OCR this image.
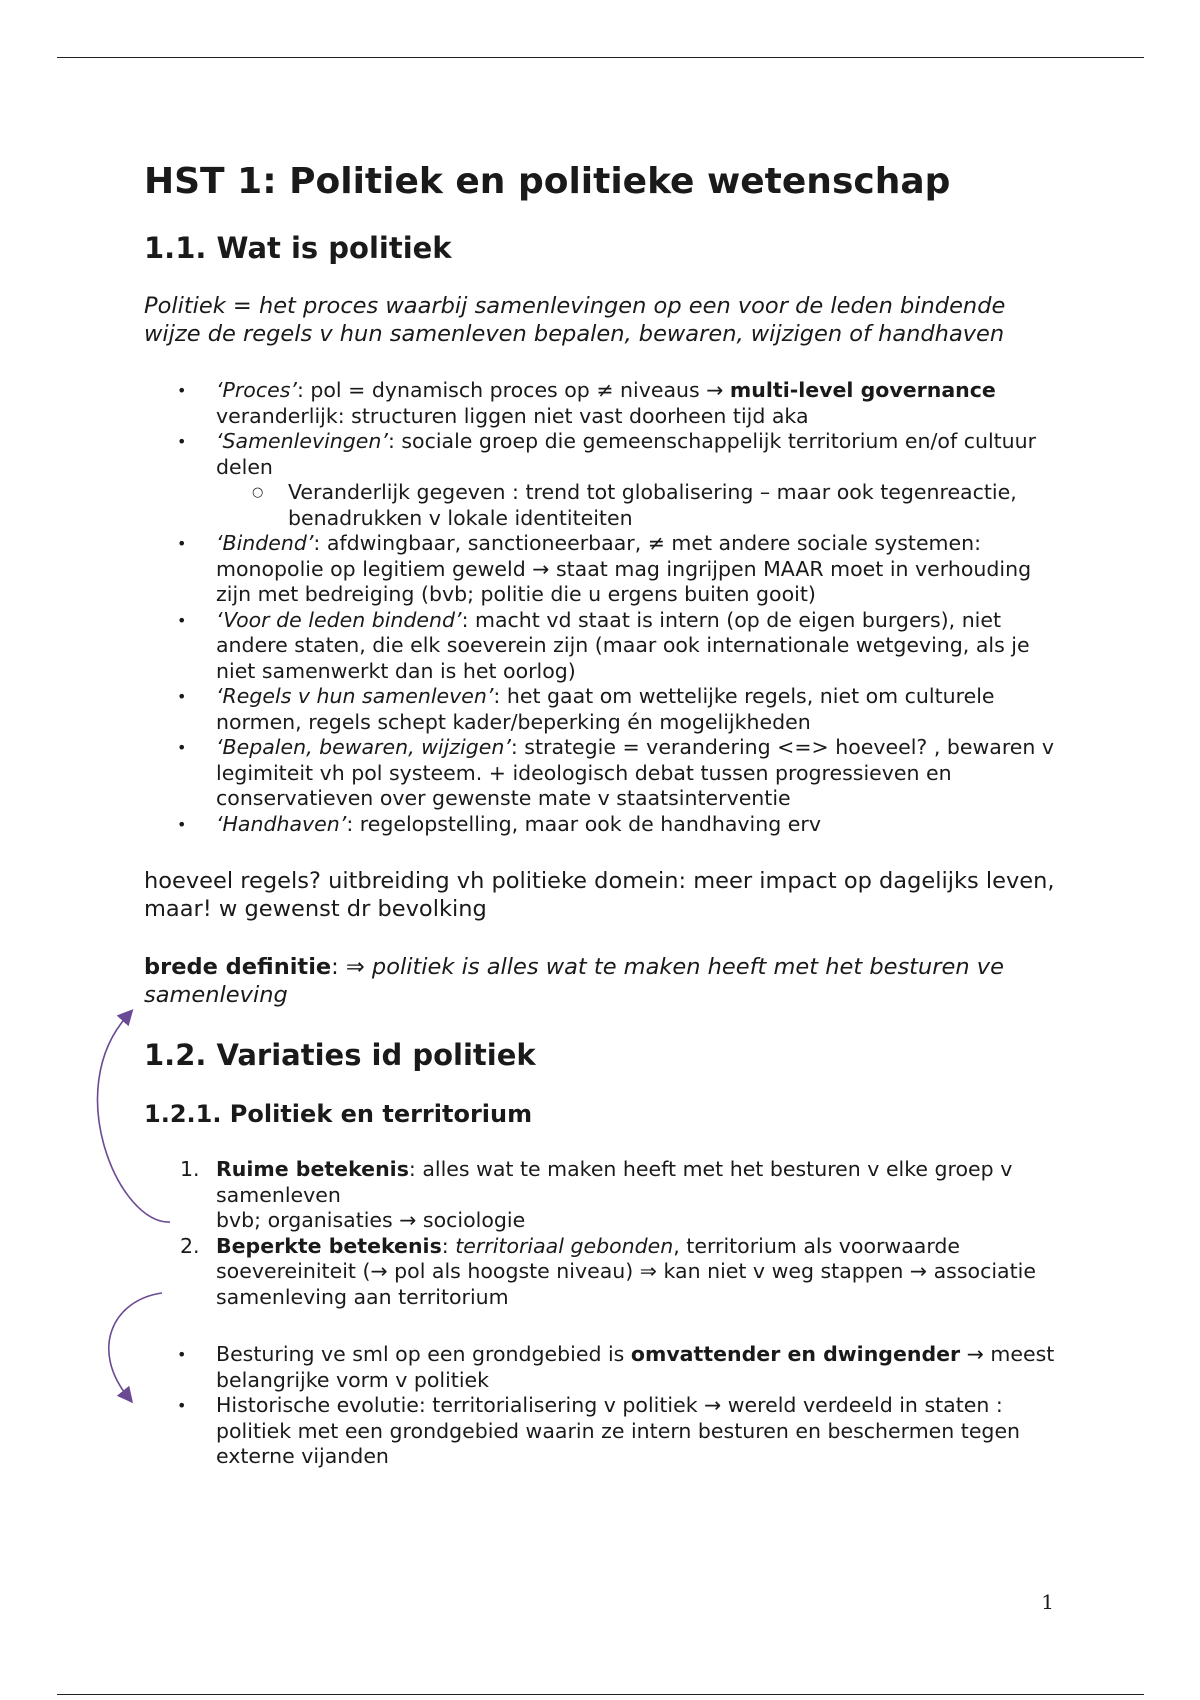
HST 1: Politiek en politieke wetenschap
1.1. Wat is politiek

Politiek = het proces waarbij samenlevingen op een voor de leden bindende wijze de regels v hun samenleven bepalen, bewaren, wijzigen of handhaven

• ‘Proces’: pol = dynamisch proces op ≠ niveaus → multi-level governance veranderlijk: structuren liggen niet vast doorheen tijd aka
• ‘Samenlevingen’: sociale groep die gemeenschappelijk territorium en/of cultuur delen
○ Veranderlijk gegeven : trend tot globalisering – maar ook tegenreactie, benadrukken v lokale identiteiten
• ‘Bindend’: afdwingbaar, sanctioneerbaar, ≠ met andere sociale systemen: monopolie op legitiem geweld → staat mag ingrijpen MAAR moet in verhouding zijn met bedreiging (bvb; politie die u ergens buiten gooit)
• ‘Voor de leden bindend’: macht vd staat is intern (op de eigen burgers), niet andere staten, die elk soeverein zijn (maar ook internationale wetgeving, als je niet samenwerkt dan is het oorlog)
• ‘Regels v hun samenleven’: het gaat om wettelijke regels, niet om culturele normen, regels schept kader/beperking én mogelijkheden
• ‘Bepalen, bewaren, wijzigen’: strategie = verandering <=> hoeveel? , bewaren v legimiteit vh pol systeem. + ideologisch debat tussen progressieven en conservatieven over gewenste mate v staatsinterventie
• ‘Handhaven’: regelopstelling, maar ook de handhaving erv

hoeveel regels? uitbreiding vh politieke domein: meer impact op dagelijks leven, maar! w gewenst dr bevolking

brede definitie: ⇒ politiek is alles wat te maken heeft met het besturen ve samenleving

1.2. Variaties id politiek
1.2.1. Politiek en territorium
1. Ruime betekenis: alles wat te maken heeft met het besturen v elke groep v samenleven
bvb; organisaties → sociologie
2. Beperkte betekenis: territoriaal gebonden, territorium als voorwaarde soevereiniteit (→ pol als hoogste niveau) ⇒ kan niet v weg stappen → associatie samenleving aan territorium
• Besturing ve sml op een grondgebied is omvattender en dwingender → meest belangrijke vorm v politiek
• Historische evolutie: territorialisering v politiek → wereld verdeeld in staten : politiek met een grondgebied waarin ze intern besturen en beschermen tegen externe vijanden
1
